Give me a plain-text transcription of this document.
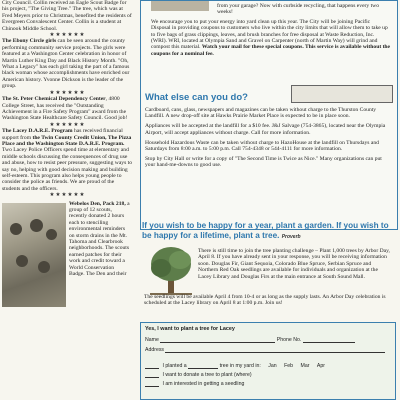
City Council. Collin received an Eagle Scout Badge for his project, "The Giving Tree." The tree, which was at Fred Meyers prior to Christmas, benefited the residents of Evergreen Convalescent Center. Collin is a student at Chinook Middle School.

★★★★★★

The Ebony Circle girls can be seen around the county performing community service projects. The girls were featured at a Washington Center celebration in honor of Martin Luther King Day and Black History Month. "Oh, What a Legacy" has each girl taking the part of a famous black woman whose accomplishments have enriched our American history. Yvonne Dickson is the leader of the group.

★★★★★★

The St. Peter Chemical Dependency Center, 4800 College Street, has received the "Outstanding Achievement in a Fire Safety Program" award from the Washington State Healthcare Safety Council. Good job!

★★★★★★

The Lacey D.A.R.E. Program has received financial support from the Twin County Credit Union, The Pizza Place and the Washington State D.A.R.E. Program. Two Lacey Police Officers spend time at elementary and middle schools discussing the consequences of drug use and abuse, how to resist peer pressure, suggesting ways to say no, helping with good decision making and building self-esteem. This program also helps young people to consider the police as friends. We are proud of the students and the officers.

★★★★★★

Webelos Den, Pack 218, a group of 12 scouts, recently donated 2 hours each to stenciling environmental reminders on storm drains in the Mt. Tahoma and Clearbrook neighborhoods. The scouts earned patches for their work and credit toward a World Conservation Badge. The Den and their

from your garage? Now with curbside recycling, that happens every two weeks!

We encourage you to put your energy into yard clean up this year. The City will be joining Pacific Disposal in providing coupons to customers who live within the city limits that will allow them to take up to five bags of grass clippings, leaves, and brush branches for free disposal at Waste Reduction, Inc. (WRI). WRI, located at Olympia Sand and Gravel on Carpenter (north of Martin Way) will grind and compost this material. Watch your mail for these special coupons. This service is available without the coupons for a nominal fee.

What else can you do?

Cardboard, cans, glass, newspapers and magazines can be taken without charge to the Thurston County Landfill. A new drop-off site at Hawks Prairie Market Place is expected to be in place soon.

Appliances will be accepted at the landfill for a $10 fee. J&J Salvage (754-3865), located near the Olympia Airport, will accept appliances without charge. Call for more information.

Household Hazardous Waste can be taken without charge to HazoHouse at the landfill on Thursdays and Saturdays from 8:00 a.m. to 5:00 p.m. Call 754-4348 or 544-4111 for more information.

Stop by City Hall or write for a copy of "The Second Time is Twice as Nice." Many organizations can put your hand-me-downs to good use.

If you wish to be happy for a year, plant a garden. If you wish to be happy for a lifetime, plant a tree. Proverb
There is still time to join the tree planting challenge – Plant 1,000 trees by Arbor Day, April 8. If you have already sent in your response, you will be receiving information soon. Douglas Fir, Giant Sequoia, Colorado Blue Spruce, Serbian Spruce and Northern Red Oak seedlings are available for individuals and organization at the Lacey Library and Douglas Firs at the main entrance at South Sound Mall.
The seedlings will be available April 4 from 10-4 or as long as the supply lasts. An Arbor Day celebration is scheduled at the Lacey library on April 8 at 1:00 p.m. Join us!
Yes, I want to plant a tree for Lacey
Name	Phone No.
Address
I planted a	tree in my yard in: Jan Feb Mar Apr
I want to donate a tree to plant (where)
I am interested in getting a seedling
